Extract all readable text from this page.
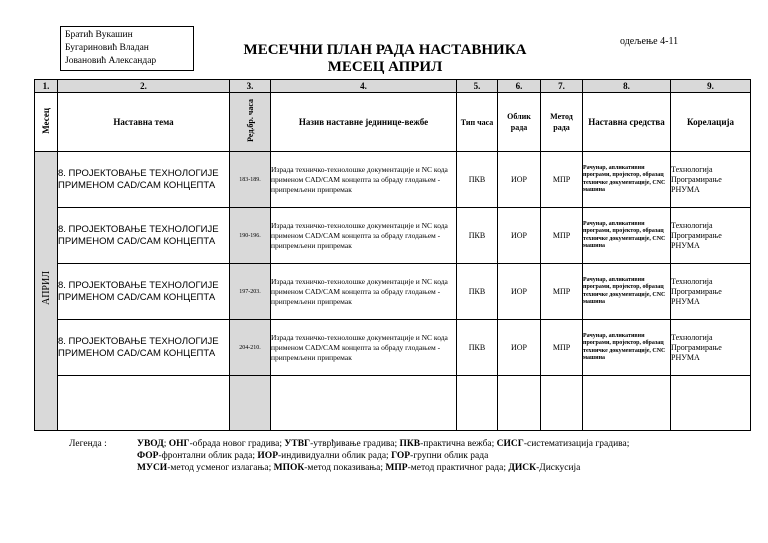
Братић Вукашин
Бугариновић Владан
Јовановић Александар
МЕСЕЧНИ ПЛАН РАДА НАСТАВНИКА
МЕСЕЦ АПРИЛ
одељење 4-11
1.	2.	3.	4.	5.	6.	7.	8.	9.
Месец	Наставна тема	Ред.бр. часа	Назив наставне јединице-вежбе	Тип часа	Облик рада	Метод рада	Наставна средства	Корелација
АПРИЛ	8. ПРОЈЕКТОВАЊЕ ТЕХНОЛОГИЈЕ ПРИМЕНОМ CAD/CAM КОНЦЕПТА	183-189.	Израда техничко-технолошке документације и NC кода применом CAD/CAM концепта за обраду глодањем - припремљени припремак	ПКВ	ИОР	МПР	Рачунар, апликативни програми, пројектор, образац техничке документације, CNC машина	Технологија Програмирање РНУМА
	8. ПРОЈЕКТОВАЊЕ ТЕХНОЛОГИЈЕ ПРИМЕНОМ CAD/CAM КОНЦЕПТА	190-196.	Израда техничко-технолошке документације и NC кода применом CAD/CAM концепта за обраду глодањем - припремљени припремак	ПКВ	ИОР	МПР	Рачунар, апликативни програми, пројектор, образац техничке документације, CNC машина	Технологија Програмирање РНУМА
	8. ПРОЈЕКТОВАЊЕ ТЕХНОЛОГИЈЕ ПРИМЕНОМ CAD/CAM КОНЦЕПТА	197-203.	Израда техничко-технолошке документације и NC кода применом CAD/CAM концепта за обраду глодањем - припремљени припремак	ПКВ	ИОР	МПР	Рачунар, апликативни програми, пројектор, образац техничке документације, CNC машина	Технологија Програмирање РНУМА
	8. ПРОЈЕКТОВАЊЕ ТЕХНОЛОГИЈЕ ПРИМЕНОМ CAD/CAM КОНЦЕПТА	204-210.	Израда техничко-технолошке документације и NC кода применом CAD/CAM концепта за обраду глодањем - припремљени припремак	ПКВ	ИОР	МПР	Рачунар, апликативни програми, пројектор, образац техничке документације, CNC машина	Технологија Програмирање РНУМА

Легенда :	УВОД; ОНГ-обрада новог градива; УТВГ-утврђивање градива; ПКВ-практична вежба; СИСГ-систематизација градива;
ФОР-фронтални облик рада; ИОР-индивидуални облик рада; ГОР-групни облик рада
МУСИ-метод усменог излагања; МПОК-метод показивања; МПР-метод практичног рада; ДИСК-Дискусија
